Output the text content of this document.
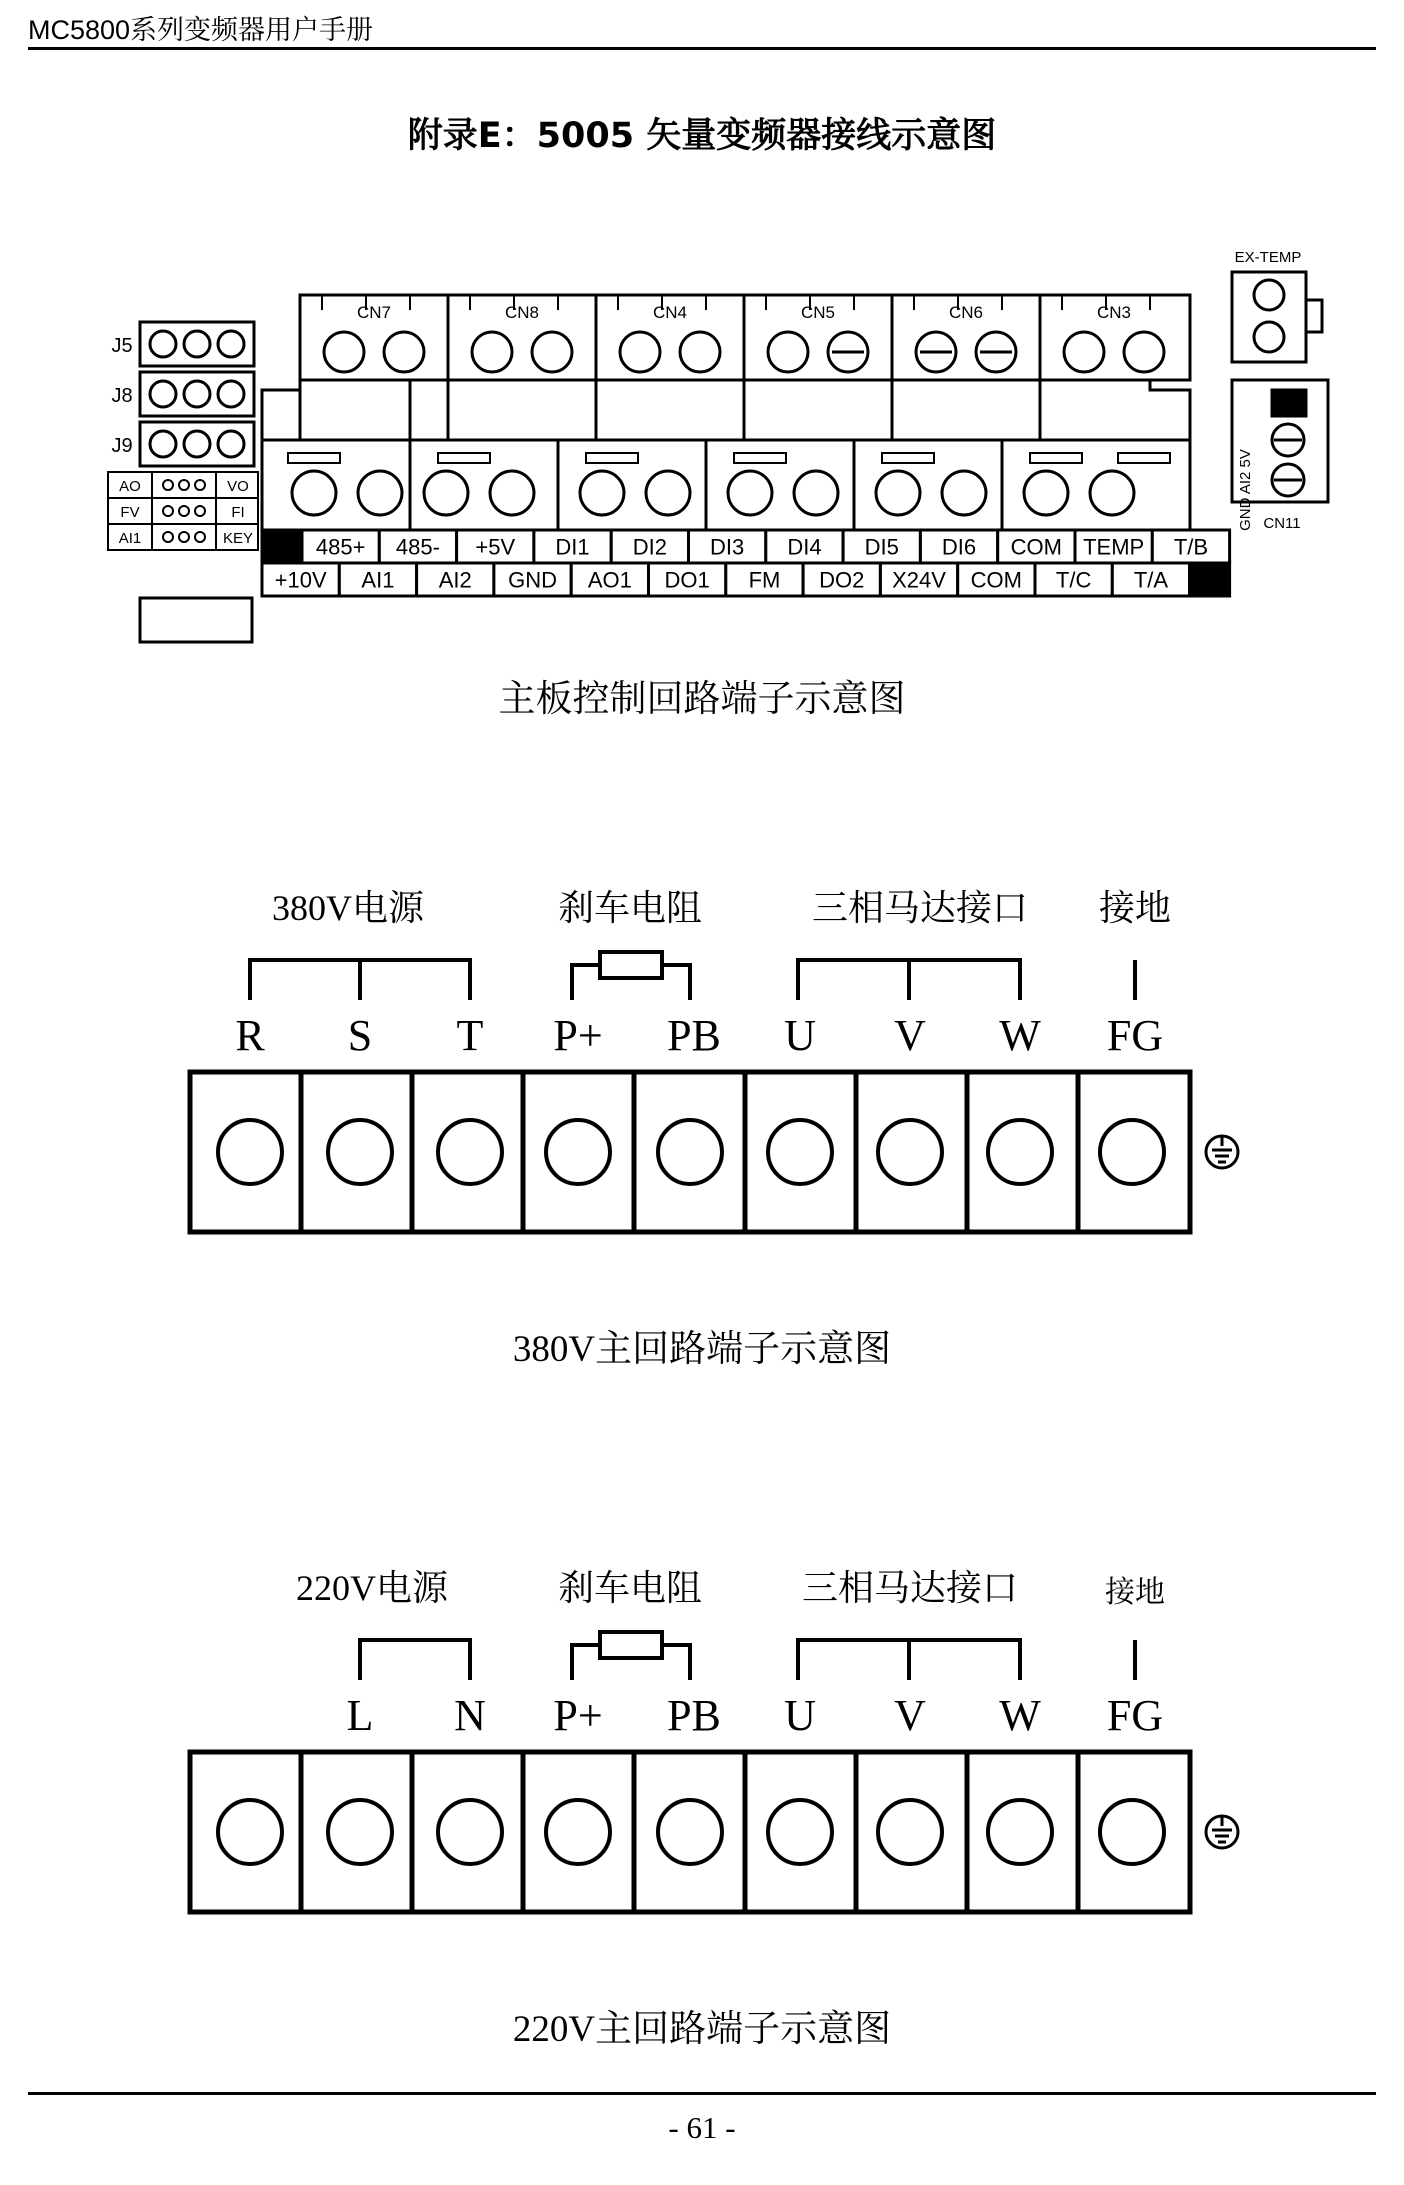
MC5800系列变频器用户手册
附录E：5005 矢量变频器接线示意图
CN7	CN8	CN4	CN5	CN6	CN3
EX-TEMP
GND AI2 5V CN11
J5
J8
J9
AO
FV
AI1
VO
FI
KEY	485+ 485- +5V DI1 DI2 DI3 DI4 DI5 DI6 COM TEMP T/B
+10V AI1 AI2 GND AO1 DO1 FM DO2 X24V COM T/C T/A
主板控制回路端子示意图
380V电源	刹车电阻	三相马达接口 接地
R S T P+ PB U V W FG
380V主回路端子示意图
220V电源	刹车电阻	三相马达接口	接地
L N P+ PB U V W FG
220V主回路端子示意图
- 61 -
